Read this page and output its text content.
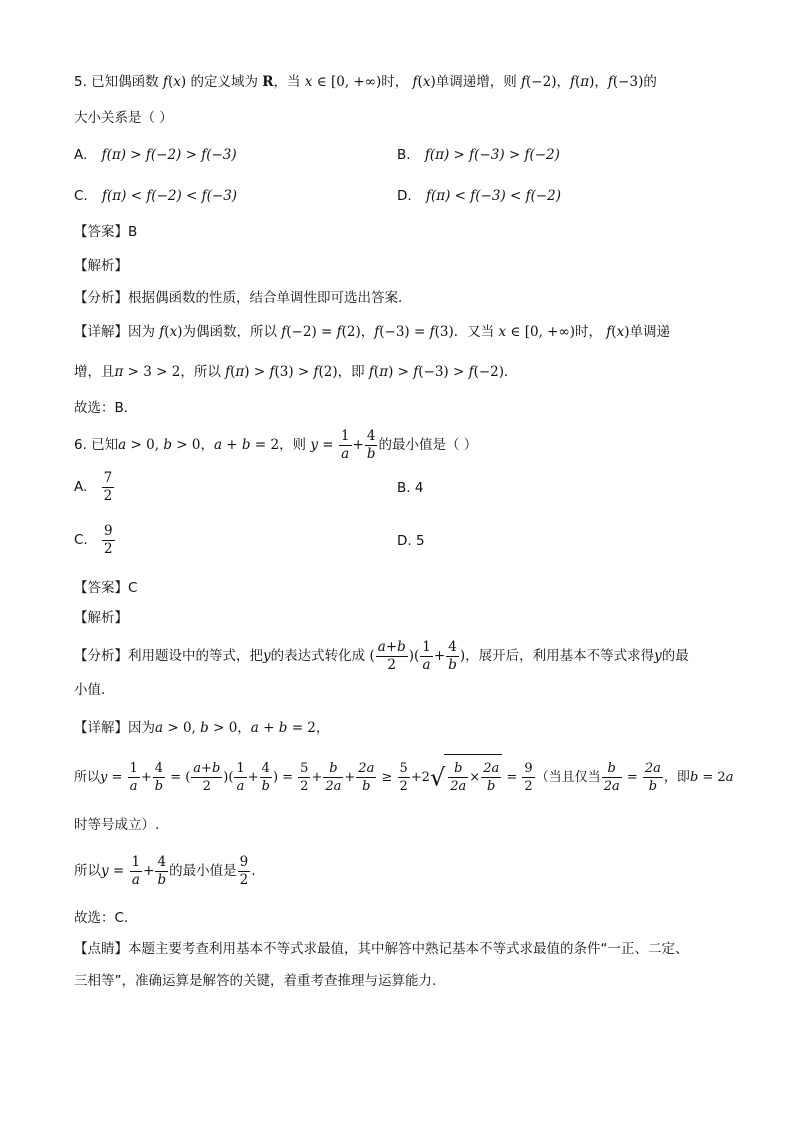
5. 已知偶函数 f(x) 的定义域为 R，当 x ∈ [0, +∞)时， f(x)单调递增，则 f(−2)，f(π)，f(−3)的
大小关系是（ ）
A. f(π) > f(−2) > f(−3)	B. f(π) > f(−3) > f(−2)
C. f(π) < f(−2) < f(−3)	D. f(π) < f(−3) < f(−2)
【答案】B
【解析】
【分析】根据偶函数的性质，结合单调性即可选出答案.
【详解】因为 f(x)为偶函数，所以 f(−2) = f(2)，f(−3) = f(3)．又当 x ∈ [0, +∞)时， f(x)单调递
增，且π > 3 > 2，所以 f(π) > f(3) > f(2)，即 f(π) > f(−3) > f(−2)．
故选：B．
6. 已知a > 0, b > 0，a + b = 2，则 $y = \frac{1}{a} + \frac{4}{b}$ 的最小值是（ ）
A. $\frac{7}{2}$	B. 4
C. $\frac{9}{2}$	D. 5
【答案】C
【解析】
【分析】利用题设中的等式，把y的表达式转化成 ( $\frac{a+b}{2}$ )( $\frac{1}{a} + \frac{4}{b}$ )，展开后，利用基本不等式求得y的最
小值.
【详解】因为a > 0, b > 0，a + b = 2，
所以$y = \frac{1}{a} + \frac{4}{b}$ = ( $\frac{a+b}{2}$ )( $\frac{1}{a} + \frac{4}{b}$ ) = $\frac{5}{2} + \frac{b}{2a} + \frac{2a}{b} \ge \frac{5}{2} +2√ \frac{b}{2a} \times \frac{2a}{b} = \frac{9}{2}$ （当且仅当 $\frac{b}{2a} = \frac{2a}{b}$ ，即b = 2a
时等号成立）.
所以$y = \frac{1}{a} + \frac{4}{b}$ 的最小值是 $\frac{9}{2}$ .
故选：C.
【点睛】本题主要考查利用基本不等式求最值，其中解答中熟记基本不等式求最值的条件“一正、二定、
三相等”，准确运算是解答的关键，着重考查推理与运算能力.
